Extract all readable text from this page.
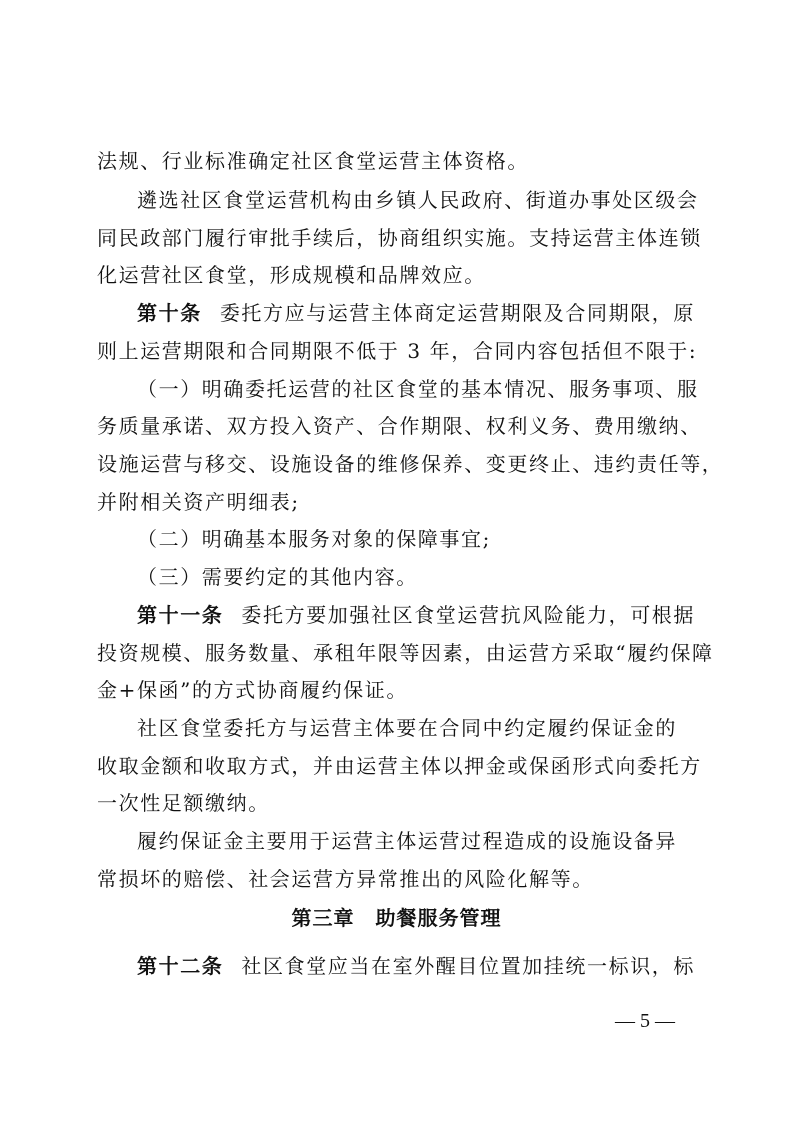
法规、行业标准确定社区食堂运营主体资格。
遴选社区食堂运营机构由乡镇人民政府、街道办事处区级会
同民政部门履行审批手续后，协商组织实施。支持运营主体连锁
化运营社区食堂，形成规模和品牌效应。
第十条 委托方应与运营主体商定运营期限及合同期限，原
则上运营期限和合同期限不低于 3 年，合同内容包括但不限于:
（一）明确委托运营的社区食堂的基本情况、服务事项、服
务质量承诺、双方投入资产、合作期限、权利义务、费用缴纳、
设施运营与移交、设施设备的维修保养、变更终止、违约责任等，
并附相关资产明细表;
（二）明确基本服务对象的保障事宜;
（三）需要约定的其他内容。
第十一条 委托方要加强社区食堂运营抗风险能力，可根据
投资规模、服务数量、承租年限等因素，由运营方采取“履约保障
金+保函”的方式协商履约保证。
社区食堂委托方与运营主体要在合同中约定履约保证金的
收取金额和收取方式，并由运营主体以押金或保函形式向委托方
一次性足额缴纳。
履约保证金主要用于运营主体运营过程造成的设施设备异
常损坏的赔偿、社会运营方异常推出的风险化解等。
第三章　助餐服务管理
第十二条 社区食堂应当在室外醒目位置加挂统一标识，标
— 5 —
